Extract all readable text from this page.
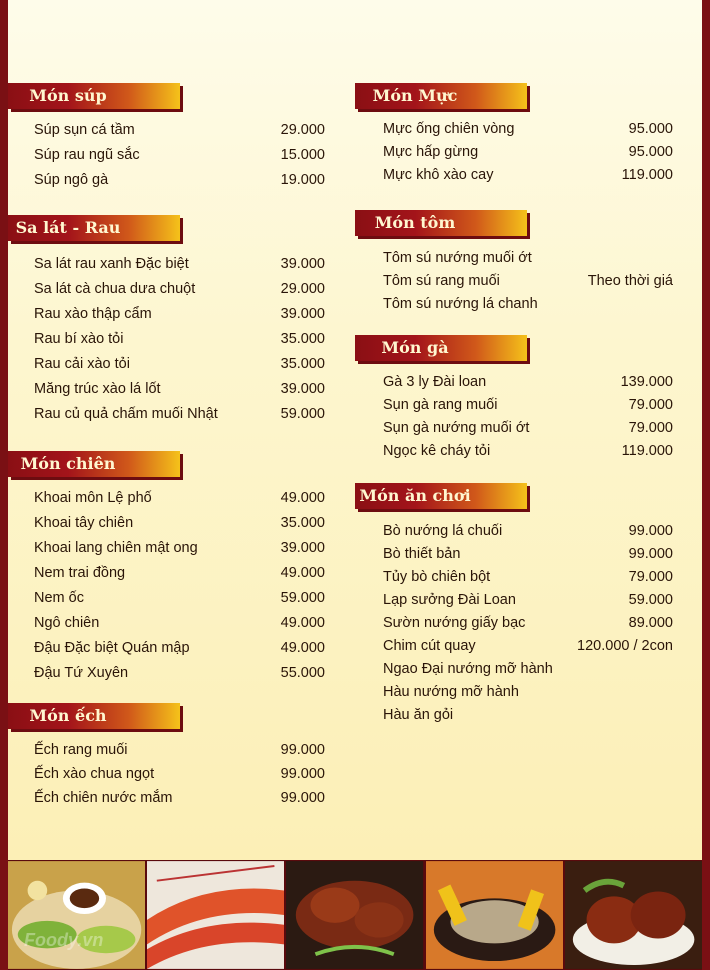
Món súp
Súp sụn cá tầm	29.000
Súp rau ngũ sắc	15.000
Súp ngô gà	19.000
Sa lát - Rau
Sa lát rau xanh Đặc biệt	39.000
Sa lát cà chua dưa chuột	29.000
Rau xào thập cẩm	39.000
Rau bí xào tỏi	35.000
Rau cải xào tỏi	35.000
Măng trúc xào lá lốt	39.000
Rau củ quả chấm muối Nhật	59.000
Món chiên
Khoai môn Lệ phố	49.000
Khoai tây chiên	35.000
Khoai lang chiên mật ong	39.000
Nem trai đồng	49.000
Nem ốc	59.000
Ngô chiên	49.000
Đậu Đặc biệt Quán mập	49.000
Đậu Tứ Xuyên	55.000
Món ếch
Ếch rang muối	99.000
Ếch xào chua ngọt	99.000
Ếch chiên nước mắm	99.000
Món Mực
Mực ống chiên vòng	95.000
Mực hấp gừng	95.000
Mực khô xào cay	119.000
Món tôm
Tôm sú nướng muối ớt
Tôm sú rang muối	Theo thời giá
Tôm sú nướng lá chanh
Món gà
Gà 3 ly Đài loan	139.000
Sụn gà rang muối	79.000
Sụn gà nướng muối ớt	79.000
Ngọc kê cháy tỏi	119.000
Món ăn chơi
Bò nướng lá chuối	99.000
Bò thiết bản	99.000
Tủy bò chiên bột	79.000
Lạp sưởng Đài Loan	59.000
Sườn nướng giấy bạc	89.000
Chim cút quay	120.000 / 2con
Ngao Đại nướng mỡ hành
Hàu nướng mỡ hành
Hàu ăn gỏi
Foody.vn
